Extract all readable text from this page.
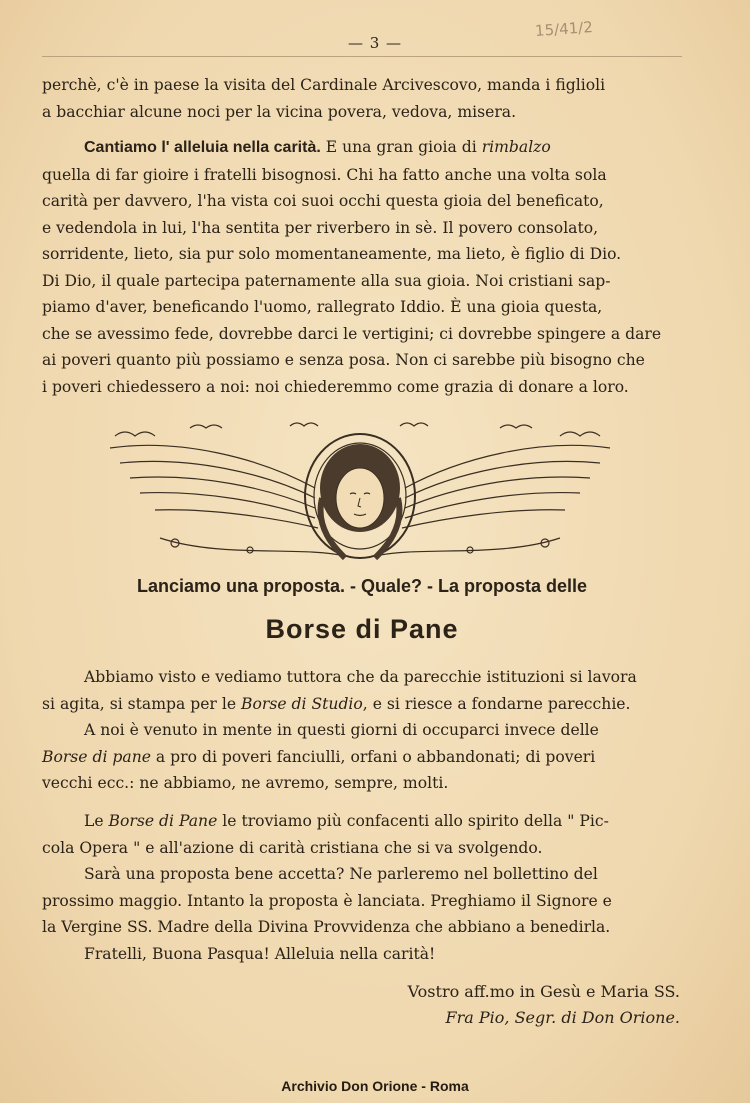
— 3 —
15/41/2

perchè, c'è in paese la visita del Cardinale Arcivescovo, manda i figlioli
a bacchiar alcune noci per la vicina povera, vedova, misera.

Cantiamo l' alleluia nella carità. E una gran gioia di rimbalzo
quella di far gioire i fratelli bisognosi. Chi ha fatto anche una volta sola
carità per davvero, l'ha vista coi suoi occhi questa gioia del beneficato,
e vedendola in lui, l'ha sentita per riverbero in sè. Il povero consolato,
sorridente, lieto, sia pur solo momentaneamente, ma lieto, è figlio di Dio.
Di Dio, il quale partecipa paternamente alla sua gioia. Noi cristiani sap-
piamo d'aver, beneficando l'uomo, rallegrato Iddio. È una gioia questa,
che se avessimo fede, dovrebbe darci le vertigini; ci dovrebbe spingere a dare
ai poveri quanto più possiamo e senza posa. Non ci sarebbe più bisogno che
i poveri chiedessero a noi: noi chiederemmo come grazia di donare a loro.

Lanciamo una proposta. - Quale? - La proposta delle

Borse di Pane

Abbiamo visto e vediamo tuttora che da parecchie istituzioni si lavora
si agita, si stampa per le Borse di Studio, e si riesce a fondarne parecchie.

A noi è venuto in mente in questi giorni di occuparci invece delle
Borse di pane a pro di poveri fanciulli, orfani o abbandonati; di poveri
vecchi ecc.: ne abbiamo, ne avremo, sempre, molti.

Le Borse di Pane le troviamo più confacenti allo spirito della " Pic-
cola Opera " e all'azione di carità cristiana che si va svolgendo.

Sarà una proposta bene accetta? Ne parleremo nel bollettino del
prossimo maggio. Intanto la proposta è lanciata. Preghiamo il Signore e
la Vergine SS. Madre della Divina Provvidenza che abbiano a benedirla.

Fratelli, Buona Pasqua! Alleluia nella carità!

Vostro aff.mo in Gesù e Maria SS.

Fra Pio, Segr. di Don Orione.

Archivio Don Orione - Roma
